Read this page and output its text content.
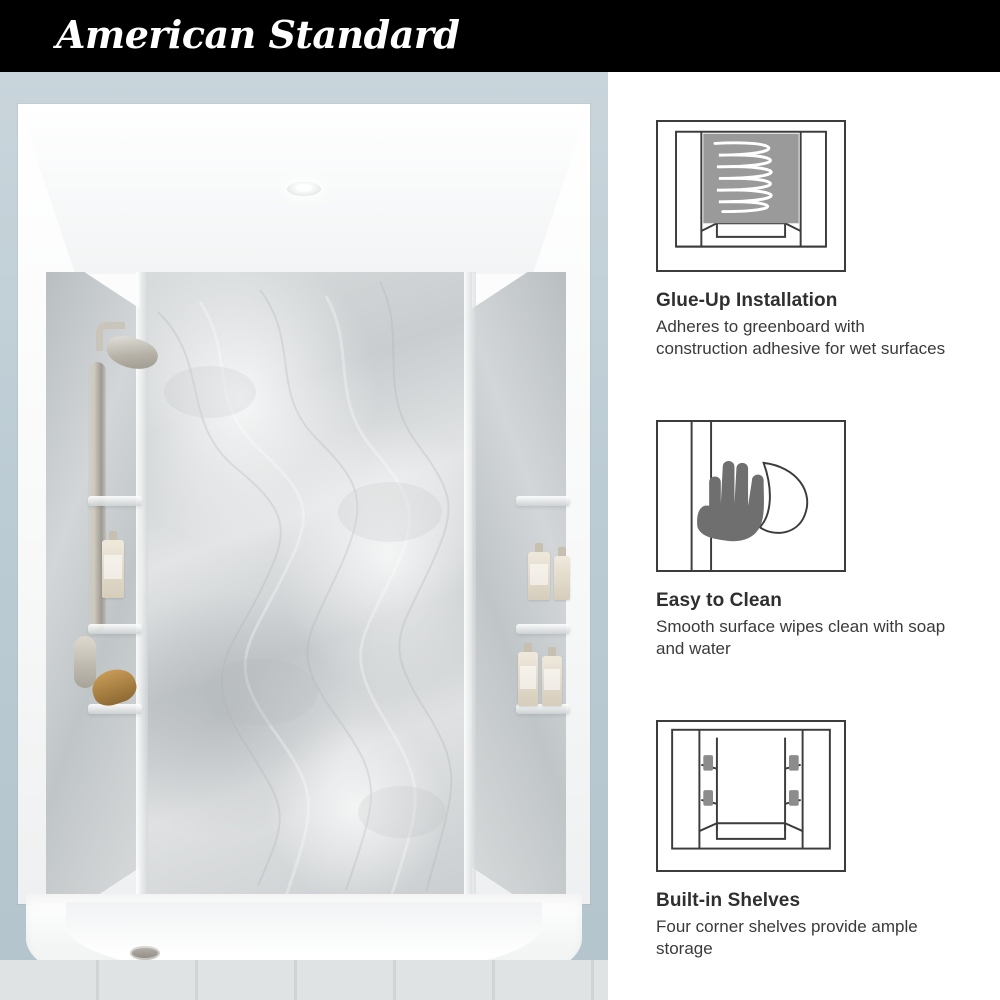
American Standard
Glue-Up Installation
Adheres to greenboard with construction adhesive for wet surfaces
Easy to Clean
Smooth surface wipes clean with soap and water
Built-in Shelves
Four corner shelves provide ample storage
